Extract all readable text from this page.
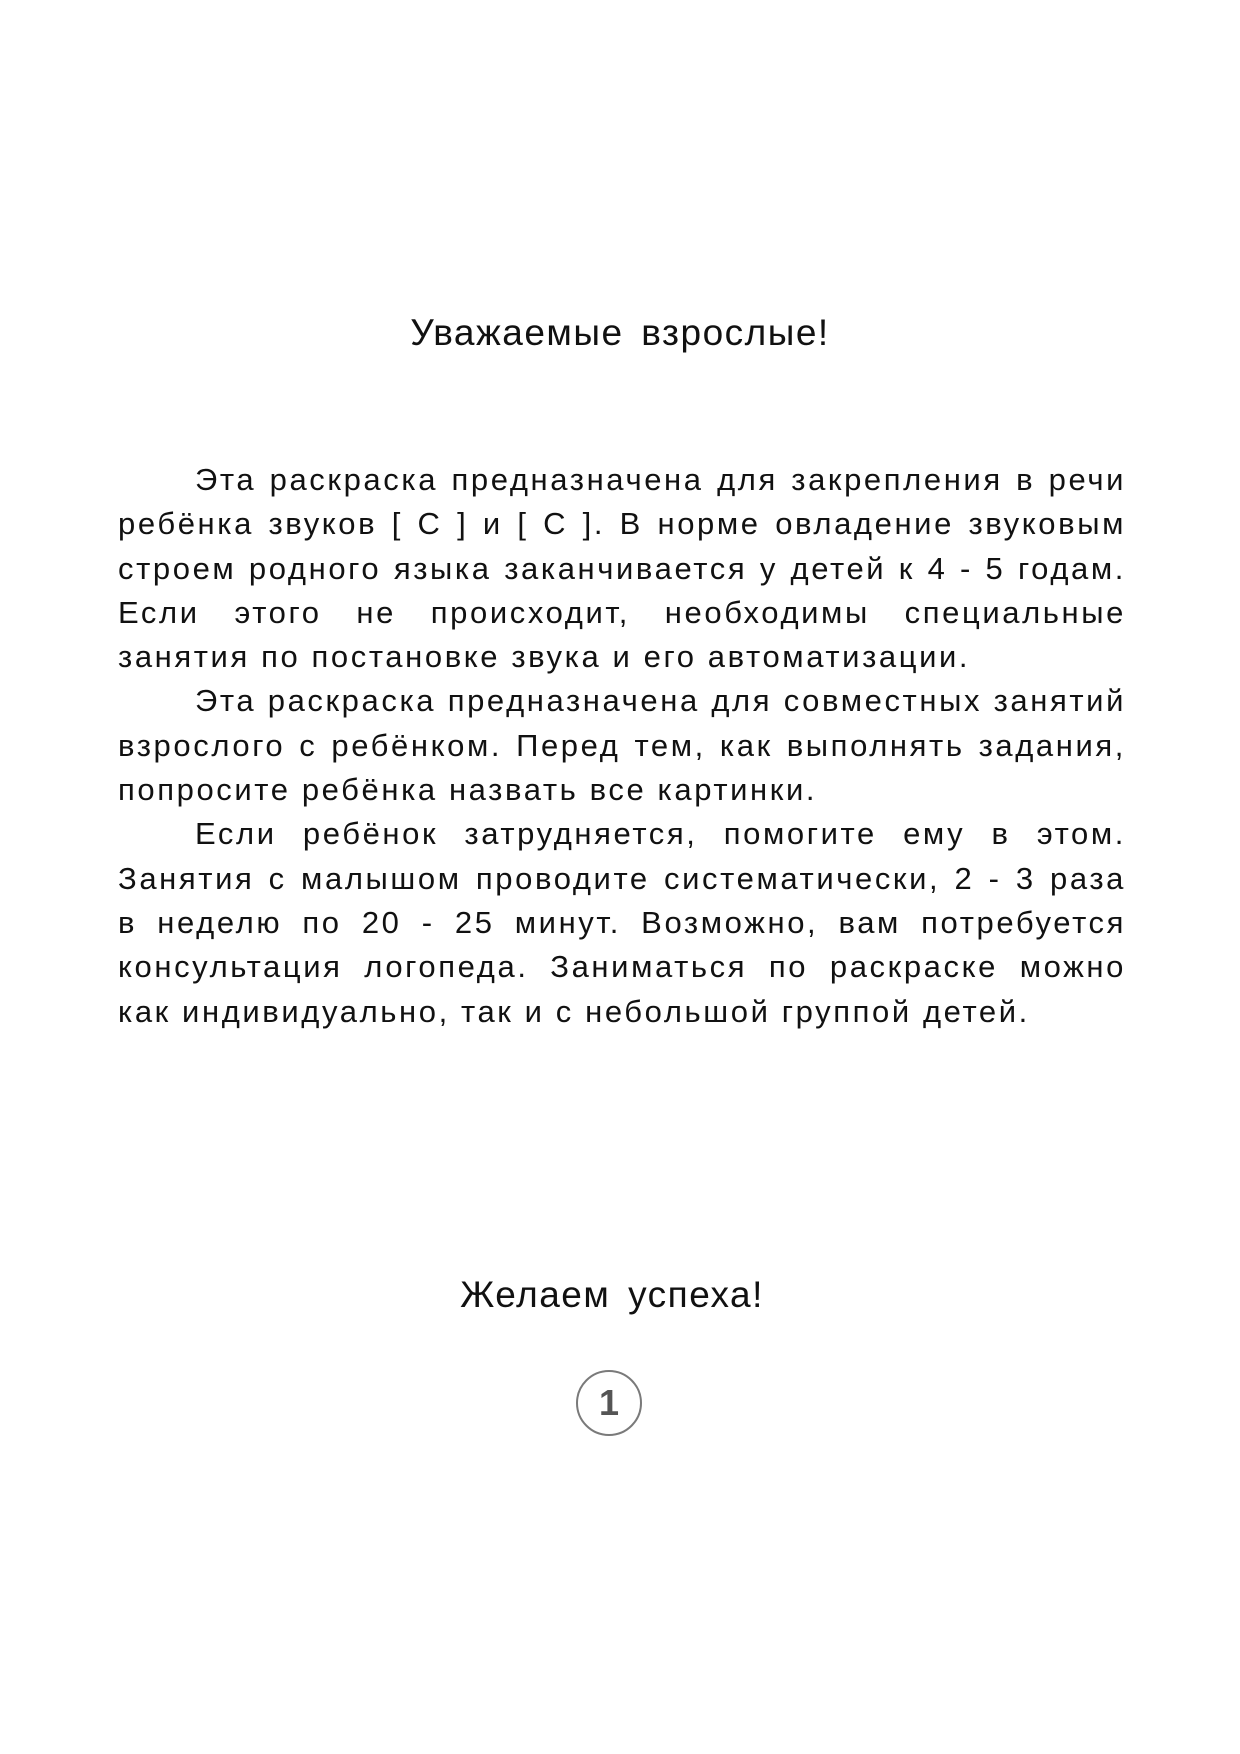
Уважаемые взрослые!

Эта раскраска предназначена для закрепления в речи ребёнка звуков [ С ] и [ С ]. В норме овладение звуковым строем родного языка заканчивается у детей к 4 - 5 годам. Если этого не происходит, необходимы специальные занятия по постановке звука и его автоматизации.

Эта раскраска предназначена для совместных занятий взрослого с ребёнком. Перед тем, как выполнять задания, попросите ребёнка назвать все картинки.

Если ребёнок затрудняется, помогите ему в этом. Занятия с малышом проводите систематически, 2 - 3 раза в неделю по 20 - 25 минут. Возможно, вам потребуется консультация логопеда. Заниматься по раскраске можно как индивидуально, так и с небольшой группой детей.

Желаем успеха!
1
